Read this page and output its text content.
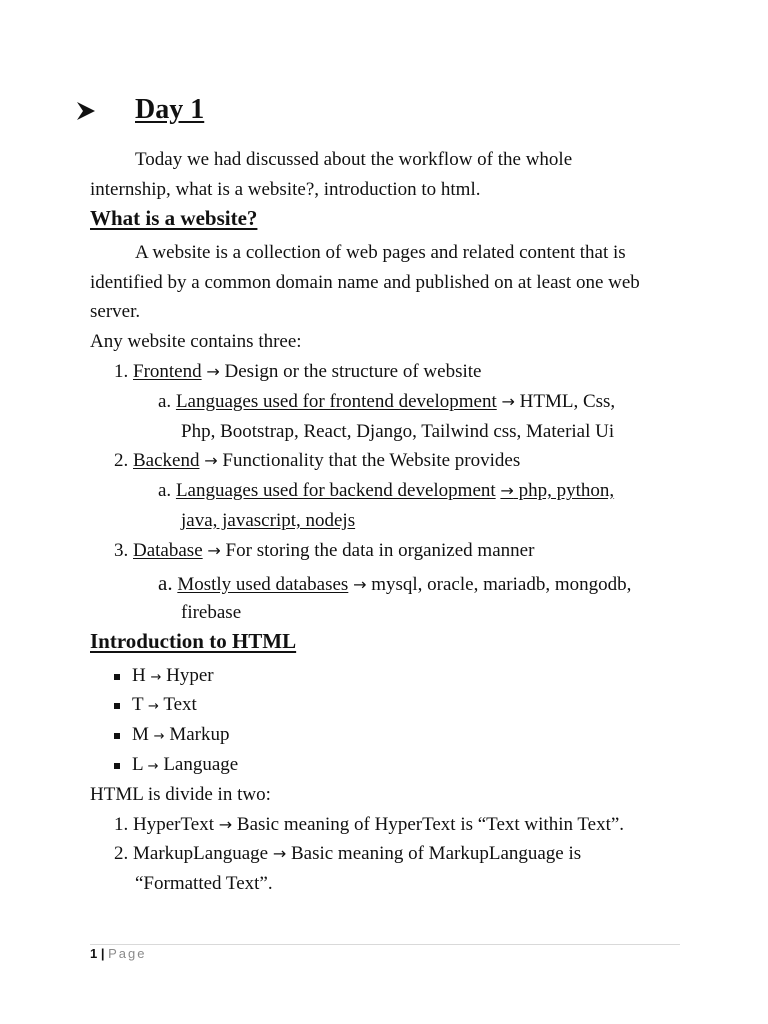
Day 1
Today we had discussed about the workflow of the whole
internship, what is a website?, introduction to html.
What is a website?
A website is a collection of web pages and related content that is
identified by a common domain name and published on at least one web
server.
Any website contains three:
1. Frontend → Design or the structure of website
a. Languages used for frontend development → HTML, Css,
Php, Bootstrap, React, Django, Tailwind css, Material Ui
2. Backend → Functionality that the Website provides
a. Languages used for backend development → php, python,
java, javascript, nodejs
3. Database → For storing the data in organized manner
a. Mostly used databases → mysql, oracle, mariadb, mongodb,
firebase
Introduction to HTML
H → Hyper
T → Text
M → Markup
L → Language
HTML is divide in two:
1. HyperText → Basic meaning of HyperText is “Text within Text”.
2. MarkupLanguage → Basic meaning of MarkupLanguage is
“Formatted Text”.
1 | Page
